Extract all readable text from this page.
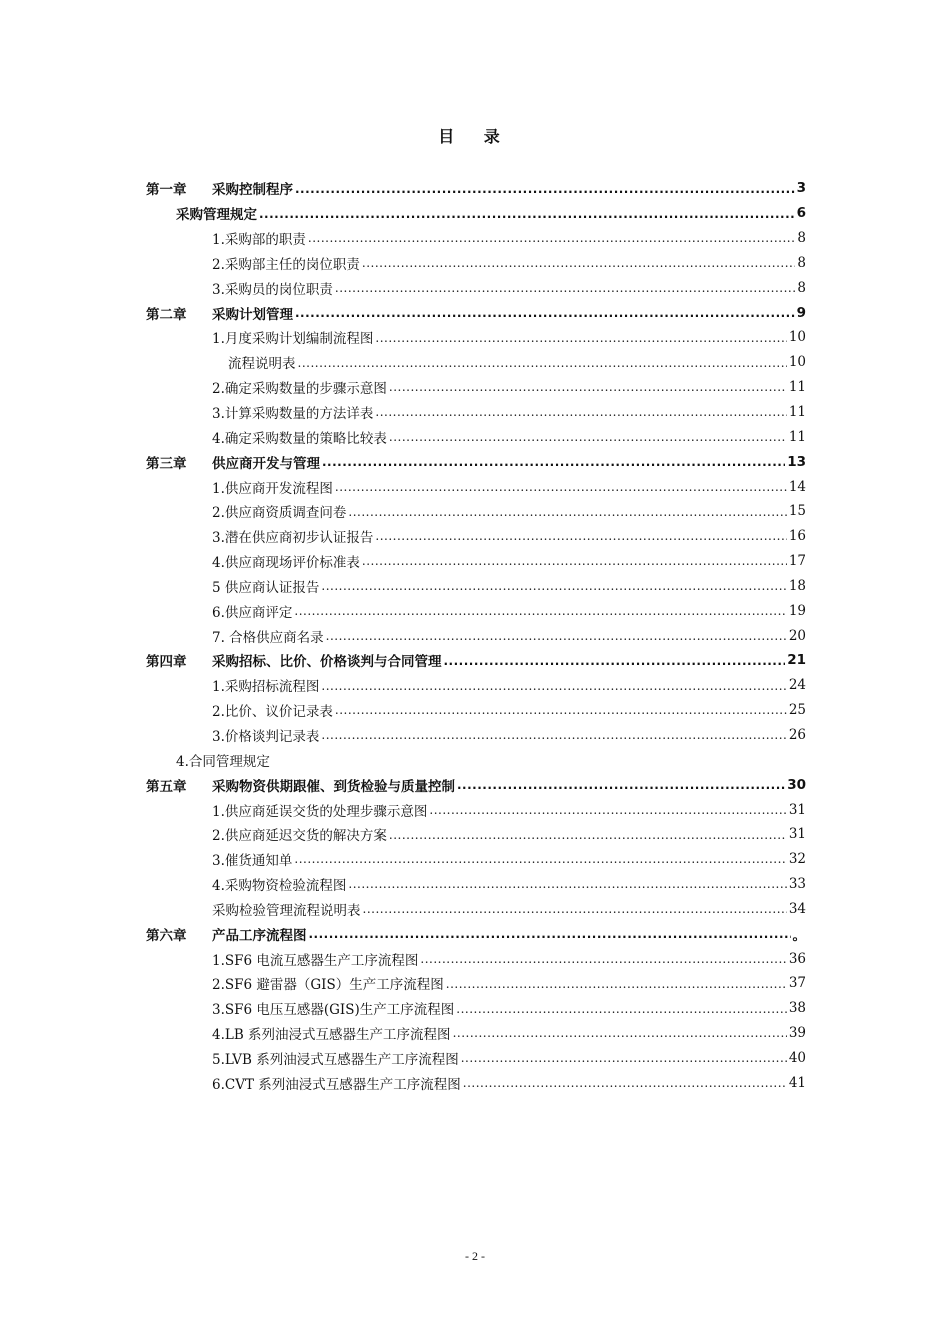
目 录
第一章 采购控制程序 .....	3
采购管理规定 .....	6
1.采购部的职责 .....	8
2.采购部主任的岗位职责 .....	8
3.采购员的岗位职责 .....	8
第二章 采购计划管理 .....	9
1.月度采购计划编制流程图 .....	10
流程说明表 .....	10
2.确定采购数量的步骤示意图 .....	11
3.计算采购数量的方法详表 .....	11
4.确定采购数量的策略比较表 .....	11
第三章 供应商开发与管理 .....	13
1.供应商开发流程图 .....	14
2.供应商资质调查问卷 .....	15
3.潜在供应商初步认证报告 .....	16
4.供应商现场评价标准表 .....	17
5 供应商认证报告 .....	18
6.供应商评定 .....	19
7. 合格供应商名录 .....	20
第四章 采购招标、比价、价格谈判与合同管理 .....	21
1.采购招标流程图 .....	24
2.比价、议价记录表 .....	25
3.价格谈判记录表 .....	26
4.合同管理规定
第五章 采购物资供期跟催、到货检验与质量控制 .....	30
1.供应商延误交货的处理步骤示意图 .....	31
2.供应商延迟交货的解决方案 .....	31
3.催货通知单 .....	32
4.采购物资检验流程图 .....	33
采购检验管理流程说明表 .....	34
第六章 产品工序流程图 .....	。
1.SF6 电流互感器生产工序流程图 .....	36
2.SF6 避雷器（GIS）生产工序流程图 .....	37
3.SF6 电压互感器(GIS)生产工序流程图 .....	38
4.LB 系列油浸式互感器生产工序流程图 .....	39
5.LVB 系列油浸式互感器生产工序流程图 .....	40
6.CVT 系列油浸式互感器生产工序流程图 .....	41
- 2 -
